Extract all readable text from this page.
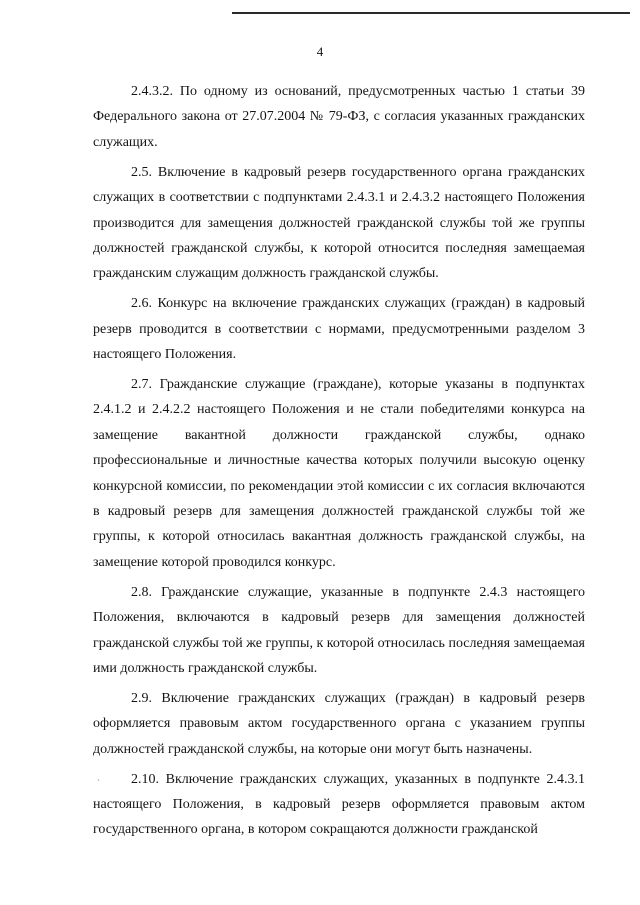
4

2.4.3.2. По одному из оснований, предусмотренных частью 1 статьи 39 Федерального закона от 27.07.2004 № 79-ФЗ, с согласия указанных гражданских служащих.

2.5. Включение в кадровый резерв государственного органа гражданских служащих в соответствии с подпунктами 2.4.3.1 и 2.4.3.2 настоящего Положения производится для замещения должностей гражданской службы той же группы должностей гражданской службы, к которой относится последняя замещаемая гражданским служащим должность гражданской службы.

2.6. Конкурс на включение гражданских служащих (граждан) в кадровый резерв проводится в соответствии с нормами, предусмотренными разделом 3 настоящего Положения.

2.7. Гражданские служащие (граждане), которые указаны в подпунктах 2.4.1.2 и 2.4.2.2 настоящего Положения и не стали победителями конкурса на замещение вакантной должности гражданской службы, однако профессиональные и личностные качества которых получили высокую оценку конкурсной комиссии, по рекомендации этой комиссии с их согласия включаются в кадровый резерв для замещения должностей гражданской службы той же группы, к которой относилась вакантная должность гражданской службы, на замещение которой проводился конкурс.

2.8. Гражданские служащие, указанные в подпункте 2.4.3 настоящего Положения, включаются в кадровый резерв для замещения должностей гражданской службы той же группы, к которой относилась последняя замещаемая ими должность гражданской службы.

2.9. Включение гражданских служащих (граждан) в кадровый резерв оформляется правовым актом государственного органа с указанием группы должностей гражданской службы, на которые они могут быть назначены.

2.10. Включение гражданских служащих, указанных в подпункте 2.4.3.1 настоящего Положения, в кадровый резерв оформляется правовым актом государственного органа, в котором сокращаются должности гражданской

`
